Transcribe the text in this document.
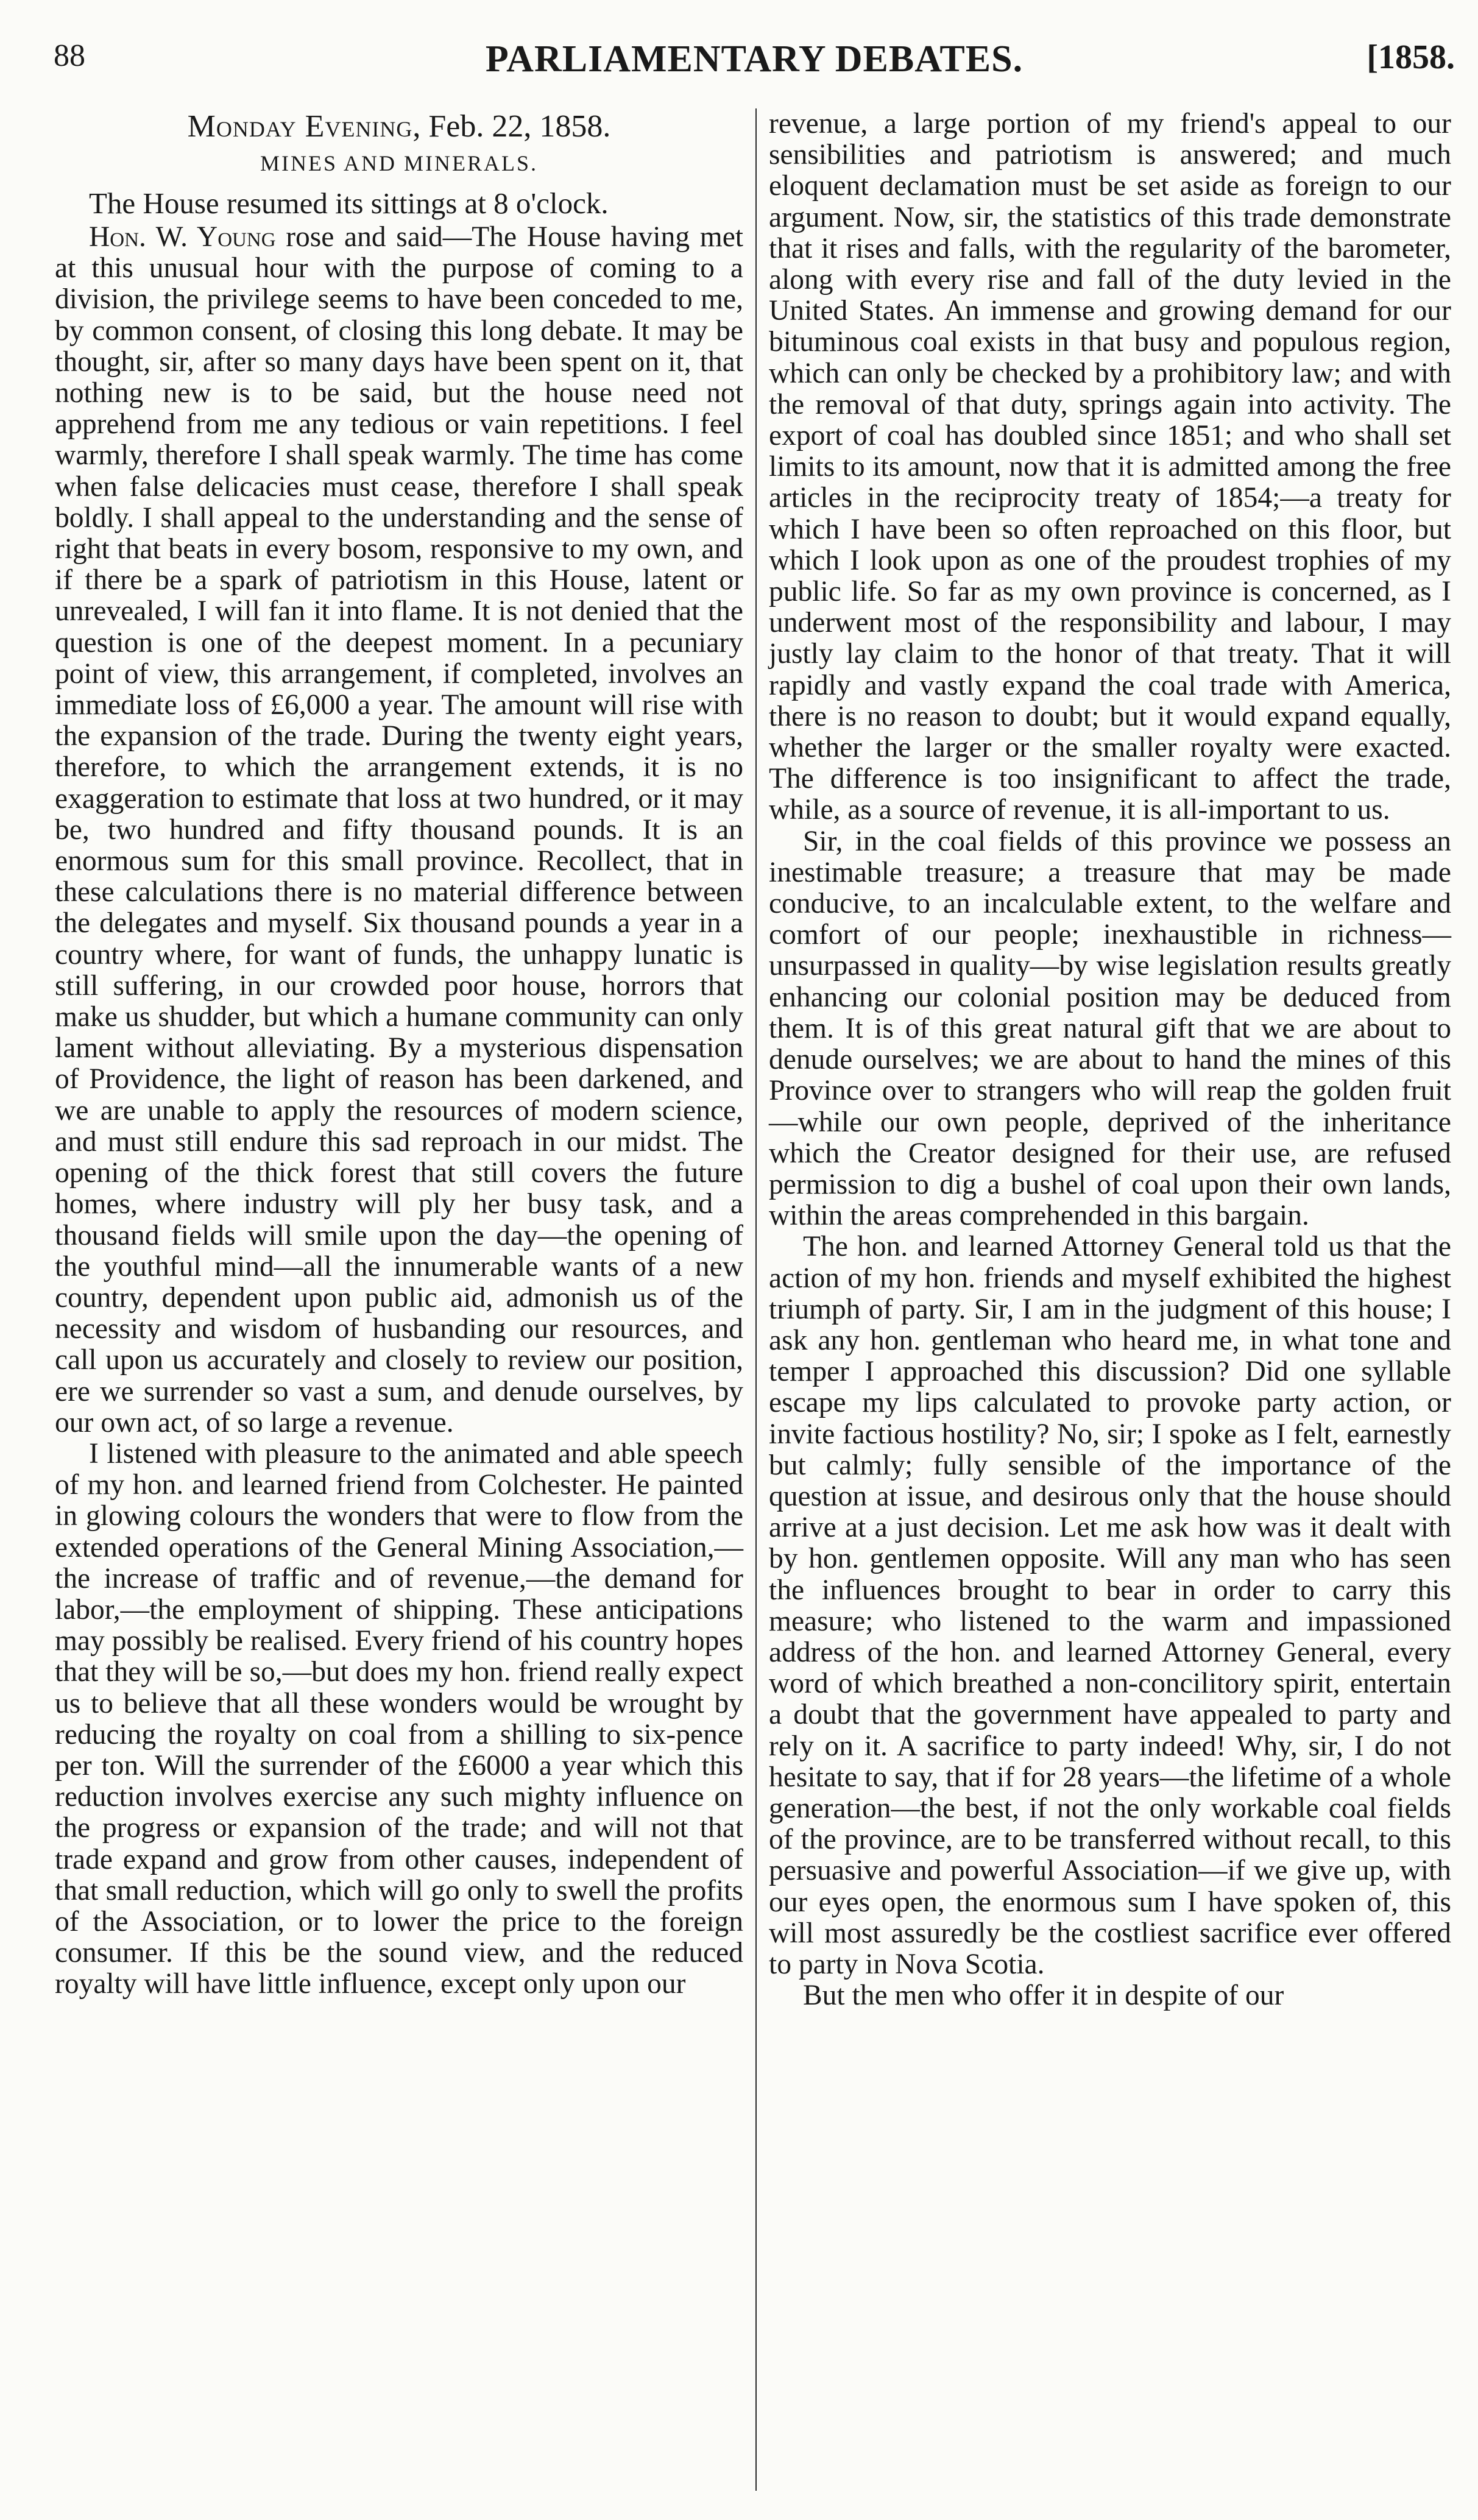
88	PARLIAMENTARY DEBATES.	[1858.
Monday Evening, Feb. 22, 1858.
MINES AND MINERALS.

The House resumed its sittings at 8 o'clock.

Hon. W. Young rose and said—The House having met at this unusual hour with the purpose of coming to a division, the privilege seems to have been conceded to me, by common consent, of closing this long debate. It may be thought, sir, after so many days have been spent on it, that nothing new is to be said, but the house need not apprehend from me any tedious or vain repetitions. I feel warmly, therefore I shall speak warmly. The time has come when false delicacies must cease, therefore I shall speak boldly. I shall appeal to the understanding and the sense of right that beats in every bosom, responsive to my own, and if there be a spark of patriotism in this House, latent or unrevealed, I will fan it into flame. It is not denied that the question is one of the deepest moment. In a pecuniary point of view, this arrangement, if completed, involves an immediate loss of £6,000 a year. The amount will rise with the expansion of the trade. During the twenty eight years, therefore, to which the arrangement extends, it is no exaggeration to estimate that loss at two hundred, or it may be, two hundred and fifty thousand pounds. It is an enormous sum for this small province. Recollect, that in these calculations there is no material difference between the delegates and myself. Six thousand pounds a year in a country where, for want of funds, the unhappy lunatic is still suffering, in our crowded poor house, horrors that make us shudder, but which a humane community can only lament without alleviating. By a mysterious dispensation of Providence, the light of reason has been darkened, and we are unable to apply the resources of modern science, and must still endure this sad reproach in our midst. The opening of the thick forest that still covers the future homes, where industry will ply her busy task, and a thousand fields will smile upon the day—the opening of the youthful mind—all the innumerable wants of a new country, dependent upon public aid, admonish us of the necessity and wisdom of husbanding our resources, and call upon us accurately and closely to review our position, ere we surrender so vast a sum, and denude ourselves, by our own act, of so large a revenue.

I listened with pleasure to the animated and able speech of my hon. and learned friend from Colchester. He painted in glowing colours the wonders that were to flow from the extended operations of the General Mining Association,—the increase of traffic and of revenue,—the demand for labor,—the employment of shipping. These anticipations may possibly be realised. Every friend of his country hopes that they will be so,—but does my hon. friend really expect us to believe that all these wonders would be wrought by reducing the royalty on coal from a shilling to six-pence per ton. Will the surrender of the £6000 a year which this reduction involves exercise any such mighty influence on the progress or expansion of the trade; and will not that trade expand and grow from other causes, independent of that small reduction, which will go only to swell the profits of the Association, or to lower the price to the foreign consumer. If this be the sound view, and the reduced royalty will have little influence, except only upon our

revenue, a large portion of my friend's appeal to our sensibilities and patriotism is answered; and much eloquent declamation must be set aside as foreign to our argument. Now, sir, the statistics of this trade demonstrate that it rises and falls, with the regularity of the barometer, along with every rise and fall of the duty levied in the United States. An immense and growing demand for our bituminous coal exists in that busy and populous region, which can only be checked by a prohibitory law; and with the removal of that duty, springs again into activity. The export of coal has doubled since 1851; and who shall set limits to its amount, now that it is admitted among the free articles in the reciprocity treaty of 1854;—a treaty for which I have been so often reproached on this floor, but which I look upon as one of the proudest trophies of my public life. So far as my own province is concerned, as I underwent most of the responsibility and labour, I may justly lay claim to the honor of that treaty. That it will rapidly and vastly expand the coal trade with America, there is no reason to doubt; but it would expand equally, whether the larger or the smaller royalty were exacted. The difference is too insignificant to affect the trade, while, as a source of revenue, it is all-important to us.

Sir, in the coal fields of this province we possess an inestimable treasure; a treasure that may be made conducive, to an incalculable extent, to the welfare and comfort of our people; inexhaustible in richness—unsurpassed in quality—by wise legislation results greatly enhancing our colonial position may be deduced from them. It is of this great natural gift that we are about to denude ourselves; we are about to hand the mines of this Province over to strangers who will reap the golden fruit—while our own people, deprived of the inheritance which the Creator designed for their use, are refused permission to dig a bushel of coal upon their own lands, within the areas comprehended in this bargain.

The hon. and learned Attorney General told us that the action of my hon. friends and myself exhibited the highest triumph of party. Sir, I am in the judgment of this house; I ask any hon. gentleman who heard me, in what tone and temper I approached this discussion? Did one syllable escape my lips calculated to provoke party action, or invite factious hostility? No, sir; I spoke as I felt, earnestly but calmly; fully sensible of the importance of the question at issue, and desirous only that the house should arrive at a just decision. Let me ask how was it dealt with by hon. gentlemen opposite. Will any man who has seen the influences brought to bear in order to carry this measure; who listened to the warm and impassioned address of the hon. and learned Attorney General, every word of which breathed a non-concilitory spirit, entertain a doubt that the government have appealed to party and rely on it. A sacrifice to party indeed! Why, sir, I do not hesitate to say, that if for 28 years—the lifetime of a whole generation—the best, if not the only workable coal fields of the province, are to be transferred without recall, to this persuasive and powerful Association—if we give up, with our eyes open, the enormous sum I have spoken of, this will most assuredly be the costliest sacrifice ever offered to party in Nova Scotia.

But the men who offer it in despite of our
